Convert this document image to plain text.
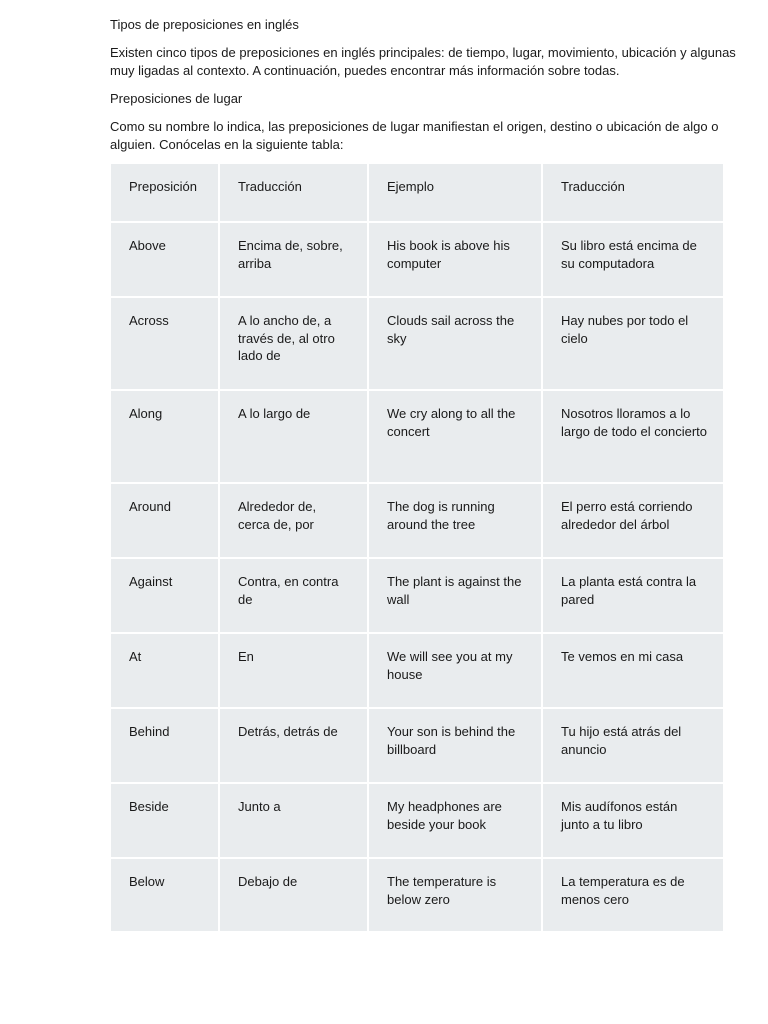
Tipos de preposiciones en inglés

Existen cinco tipos de preposiciones en inglés principales: de tiempo, lugar, movimiento, ubicación y algunas muy ligadas al contexto. A continuación, puedes encontrar más información sobre todas.

Preposiciones de lugar

Como su nombre lo indica, las preposiciones de lugar manifiestan el origen, destino o ubicación de algo o alguien. Conócelas en la siguiente tabla:

Preposición	Traducción	Ejemplo	Traducción
Above	Encima de, sobre, arriba	His book is above his computer	Su libro está encima de su computadora
Across	A lo ancho de, a través de, al otro lado de	Clouds sail across the sky	Hay nubes por todo el cielo
Along	A lo largo de	We cry along to all the concert	Nosotros lloramos a lo largo de todo el concierto
Around	Alrededor de, cerca de, por	The dog is running around the tree	El perro está corriendo alrededor del árbol
Against	Contra, en contra de	The plant is against the wall	La planta está contra la pared
At	En	We will see you at my house	Te vemos en mi casa
Behind	Detrás, detrás de	Your son is behind the billboard	Tu hijo está atrás del anuncio
Beside	Junto a	My headphones are beside your book	Mis audífonos están junto a tu libro
Below	Debajo de	The temperature is below zero	La temperatura es de menos cero
